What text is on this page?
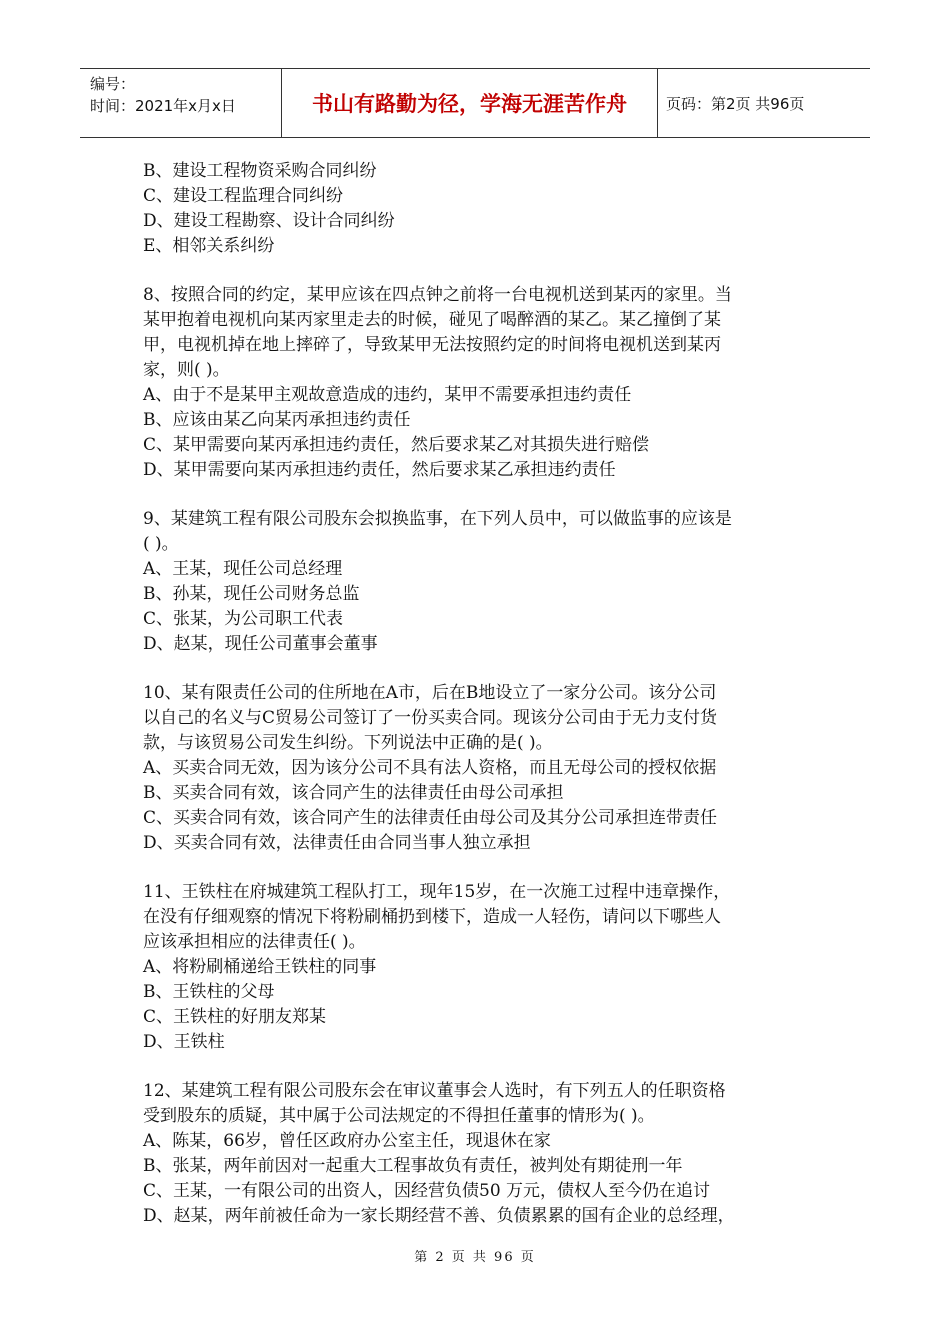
编号：
时间：2021年x月x日	书山有路勤为径，学海无涯苦作舟	页码：第2页 共96页
B、建设工程物资采购合同纠纷
C、建设工程监理合同纠纷
D、建设工程勘察、设计合同纠纷
E、相邻关系纠纷
8、按照合同的约定，某甲应该在四点钟之前将一台电视机送到某丙的家里。当
某甲抱着电视机向某丙家里走去的时候，碰见了喝醉酒的某乙。某乙撞倒了某
甲，电视机掉在地上摔碎了，导致某甲无法按照约定的时间将电视机送到某丙
家，则( )。
A、由于不是某甲主观故意造成的违约，某甲不需要承担违约责任
B、应该由某乙向某丙承担违约责任
C、某甲需要向某丙承担违约责任，然后要求某乙对其损失进行赔偿
D、某甲需要向某丙承担违约责任，然后要求某乙承担违约责任
9、某建筑工程有限公司股东会拟换监事，在下列人员中，可以做监事的应该是
( )。
A、王某，现任公司总经理
B、孙某，现任公司财务总监
C、张某，为公司职工代表
D、赵某，现任公司董事会董事
10、某有限责任公司的住所地在A市，后在B地设立了一家分公司。该分公司
以自己的名义与C贸易公司签订了一份买卖合同。现该分公司由于无力支付货
款，与该贸易公司发生纠纷。下列说法中正确的是( )。
A、买卖合同无效，因为该分公司不具有法人资格，而且无母公司的授权依据
B、买卖合同有效，该合同产生的法律责任由母公司承担
C、买卖合同有效，该合同产生的法律责任由母公司及其分公司承担连带责任
D、买卖合同有效，法律责任由合同当事人独立承担
11、王铁柱在府城建筑工程队打工，现年15岁，在一次施工过程中违章操作，
在没有仔细观察的情况下将粉刷桶扔到楼下，造成一人轻伤，请问以下哪些人
应该承担相应的法律责任( )。
A、将粉刷桶递给王铁柱的同事
B、王铁柱的父母
C、王铁柱的好朋友郑某
D、王铁柱
12、某建筑工程有限公司股东会在审议董事会人选时，有下列五人的任职资格
受到股东的质疑，其中属于公司法规定的不得担任董事的情形为( )。
A、陈某，66岁，曾任区政府办公室主任，现退休在家
B、张某，两年前因对一起重大工程事故负有责任，被判处有期徒刑一年
C、王某，一有限公司的出资人，因经营负债50 万元，债权人至今仍在追讨
D、赵某，两年前被任命为一家长期经营不善、负债累累的国有企业的总经理，
第 2 页 共 96 页
